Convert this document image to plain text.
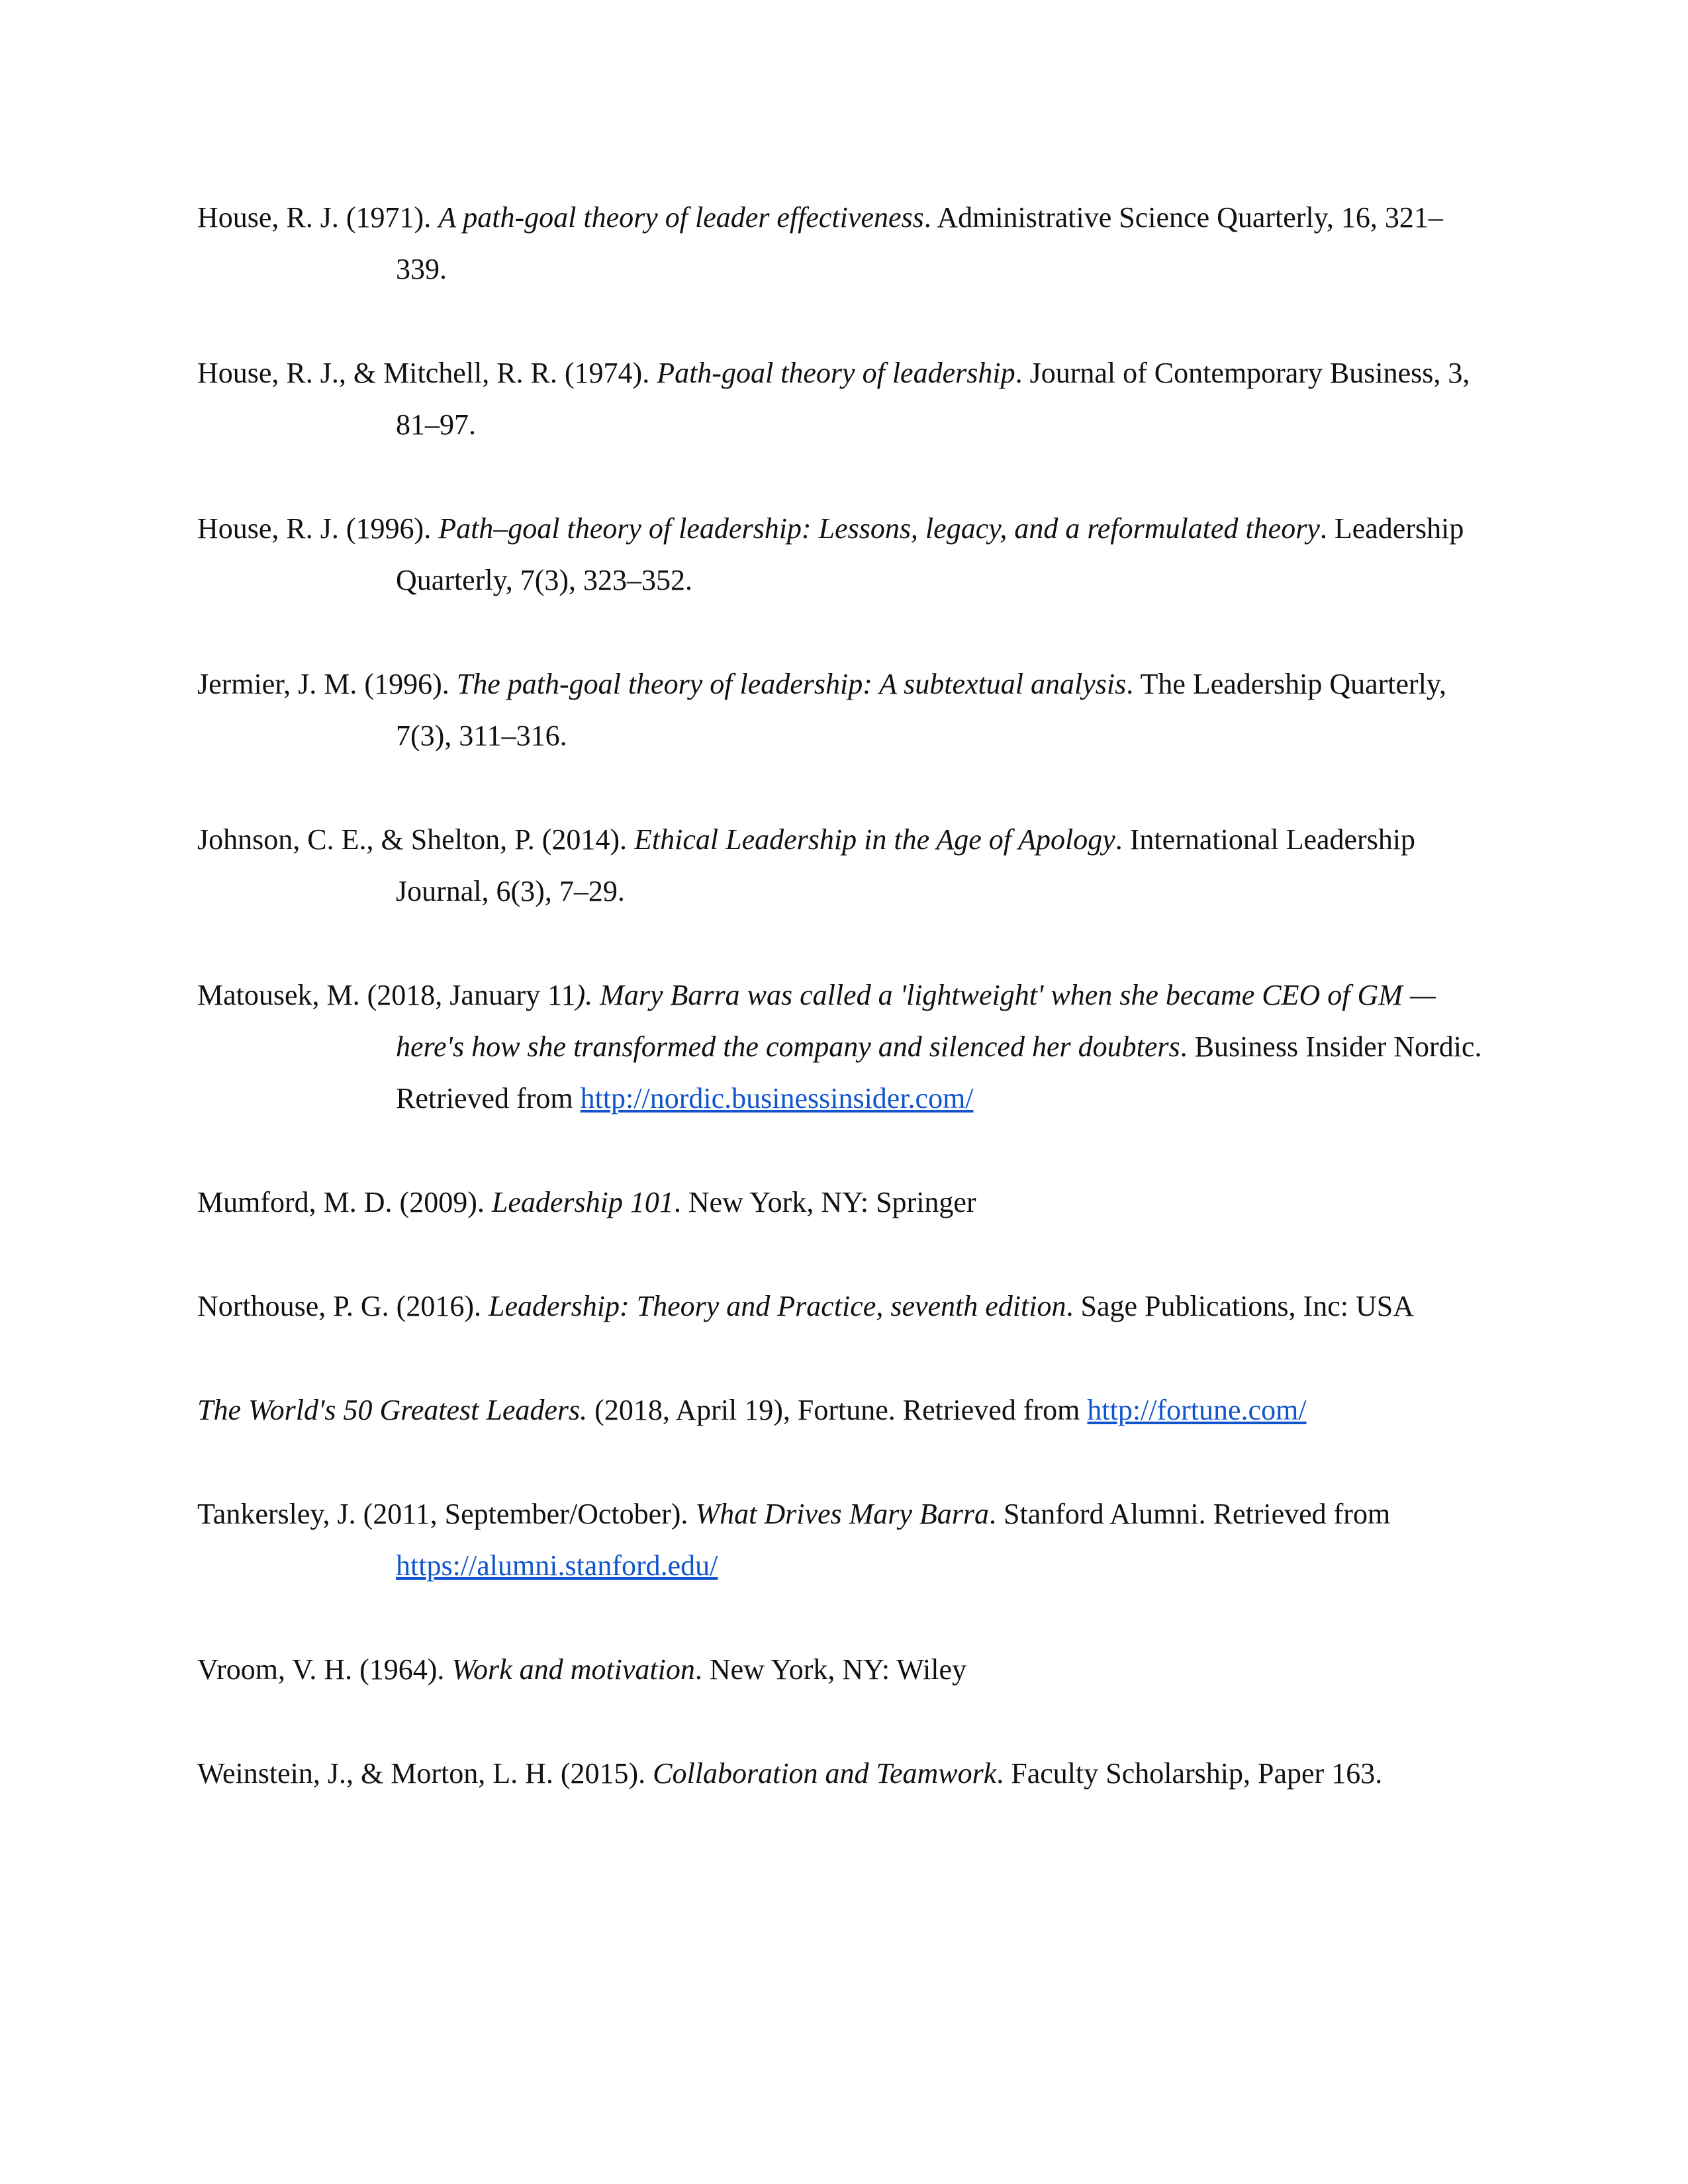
House, R. J. (1971). A path-goal theory of leader effectiveness. Administrative Science Quarterly, 16, 321–339.

House, R. J., & Mitchell, R. R. (1974). Path-goal theory of leadership. Journal of Contemporary Business, 3, 81–97.

House, R. J. (1996). Path–goal theory of leadership: Lessons, legacy, and a reformulated theory. Leadership Quarterly, 7(3), 323–352.

Jermier, J. M. (1996). The path-goal theory of leadership: A subtextual analysis. The Leadership Quarterly, 7(3), 311–316.

Johnson, C. E., & Shelton, P. (2014). Ethical Leadership in the Age of Apology. International Leadership Journal, 6(3), 7–29.

Matousek, M. (2018, January 11). Mary Barra was called a 'lightweight' when she became CEO of GM — here's how she transformed the company and silenced her doubters. Business Insider Nordic. Retrieved from http://nordic.businessinsider.com/

Mumford, M. D. (2009). Leadership 101. New York, NY: Springer

Northouse, P. G. (2016). Leadership: Theory and Practice, seventh edition. Sage Publications, Inc: USA

The World's 50 Greatest Leaders. (2018, April 19), Fortune. Retrieved from http://fortune.com/

Tankersley, J. (2011, September/October). What Drives Mary Barra. Stanford Alumni. Retrieved from https://alumni.stanford.edu/

Vroom, V. H. (1964). Work and motivation. New York, NY: Wiley

Weinstein, J., & Morton, L. H. (2015). Collaboration and Teamwork. Faculty Scholarship, Paper 163.
